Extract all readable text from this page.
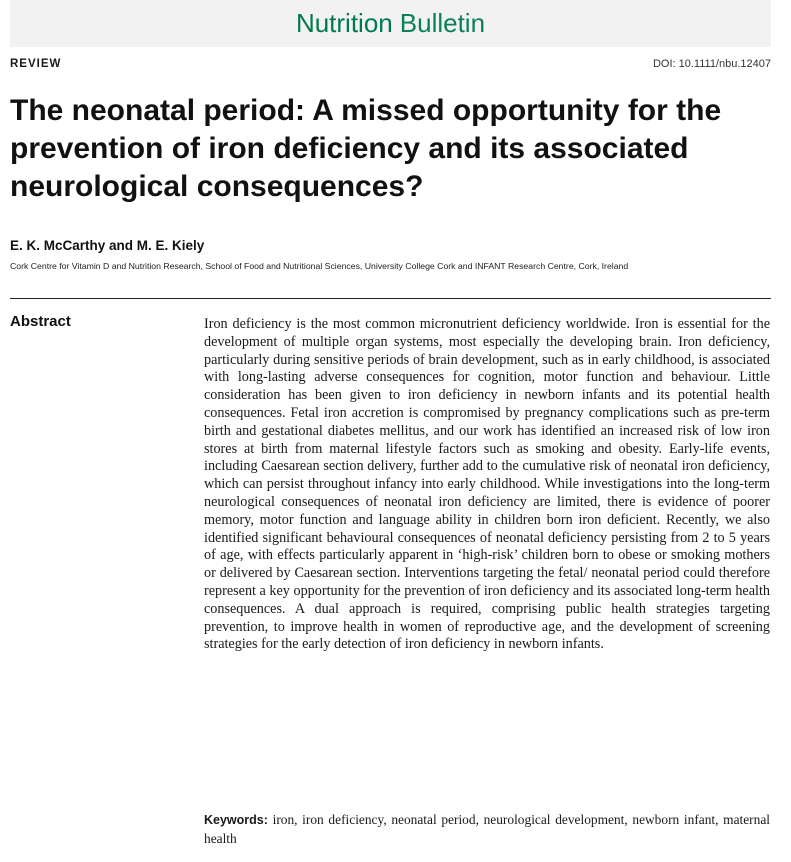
Nutrition Bulletin
REVIEW	DOI: 10.1111/nbu.12407
The neonatal period: A missed opportunity for the prevention of iron deficiency and its associated neurological consequences?
E. K. McCarthy and M. E. Kiely
Cork Centre for Vitamin D and Nutrition Research, School of Food and Nutritional Sciences, University College Cork and INFANT Research Centre, Cork, Ireland
Abstract	Iron deficiency is the most common micronutrient deficiency worldwide. Iron is essential for the development of multiple organ systems, most especially the developing brain. Iron deficiency, particularly during sensitive periods of brain development, such as in early childhood, is associated with long-lasting adverse consequences for cognition, motor function and behaviour. Little consideration has been given to iron deficiency in newborn infants and its potential health consequences. Fetal iron accretion is compromised by pregnancy complications such as pre-term birth and gestational diabetes mellitus, and our work has identified an increased risk of low iron stores at birth from maternal lifestyle factors such as smoking and obesity. Early-life events, including Caesarean section delivery, further add to the cumulative risk of neonatal iron deficiency, which can persist throughout infancy into early childhood. While investigations into the long-term neurological consequences of neonatal iron deficiency are limited, there is evidence of poorer memory, motor function and language ability in children born iron deficient. Recently, we also identified significant behavioural consequences of neonatal deficiency persisting from 2 to 5 years of age, with effects particularly apparent in ‘high-risk’ children born to obese or smoking mothers or delivered by Caesarean section. Interventions targeting the fetal/ neonatal period could therefore represent a key opportunity for the prevention of iron deficiency and its associated long-term health consequences. A dual approach is required, comprising public health strategies targeting prevention, to improve health in women of reproductive age, and the development of screening strategies for the early detection of iron deficiency in newborn infants.

Keywords: iron, iron deficiency, neonatal period, neurological development, newborn infant, maternal health
